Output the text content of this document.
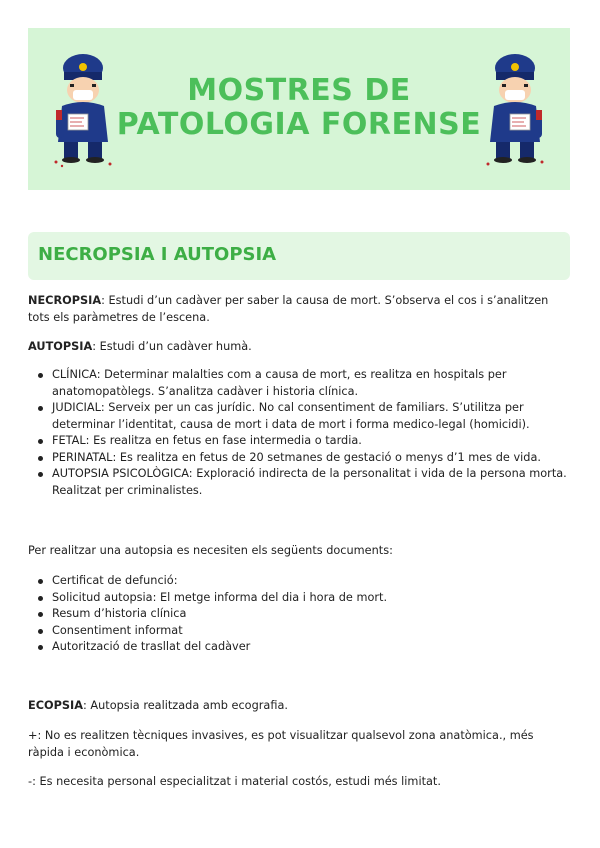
MOSTRES DE
PATOLOGIA FORENSE
NECROPSIA I AUTOPSIA
NECROPSIA: Estudi d’un cadàver per saber la causa de mort. S’observa el cos i s’analitzen tots els paràmetres de l’escena.
AUTOPSIA: Estudi d’un cadàver humà.
CLÍNICA: Determinar malalties com a causa de mort, es realitza en hospitals per anatomopatòlegs. S’analitza cadàver i historia clínica.
JUDICIAL: Serveix per un cas jurídic. No cal consentiment de familiars. S’utilitza per determinar l’identitat, causa de mort i data de mort i forma medico-legal (homicidi).
FETAL: Es realitza en fetus en fase intermedia o tardia.
PERINATAL: Es realitza en fetus de 20 setmanes de gestació o menys d’1 mes de vida.
AUTOPSIA PSICOLÒGICA: Exploració indirecta de la personalitat i vida de la persona morta. Realitzat per criminalistes.
Per realitzar una autopsia es necesiten els següents documents:
Certificat de defunció:
Solicitud autopsia: El metge informa del dia i hora de mort.
Resum d’historia clínica
Consentiment informat
Autorització de trasllat del cadàver
ECOPSIA: Autopsia realitzada amb ecografia.
+: No es realitzen tècniques invasives, es pot visualitzar qualsevol zona anatòmica., més ràpida i econòmica.
-: Es necesita personal especialitzat i material costós, estudi més limitat.
